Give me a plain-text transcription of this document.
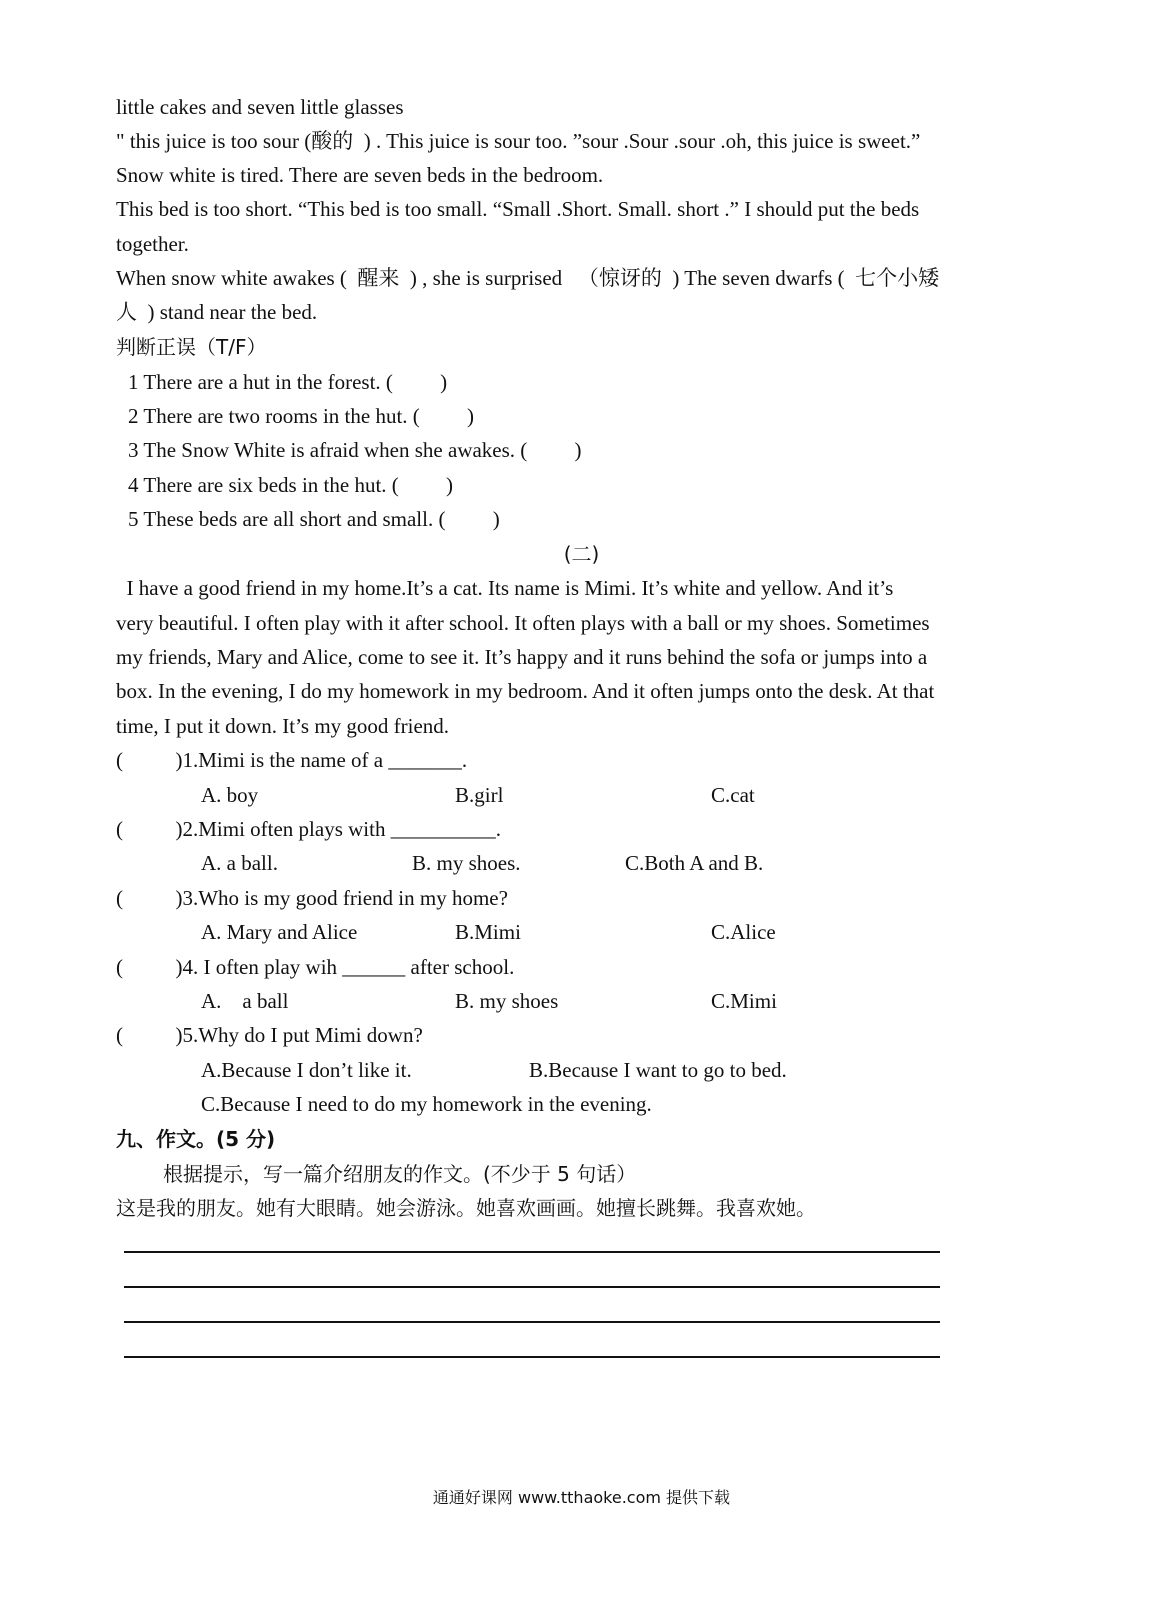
little cakes and seven little glasses
" this juice is too sour (酸的  ) . This juice is sour too. ”sour .Sour .sour .oh, this juice is sweet.”
Snow white is tired. There are seven beds in the bedroom.
This bed is too short. “This bed is too small. “Small .Short. Small. short .” I should put the beds
together.
When snow white awakes (  醒来  ) , she is surprised   （惊讶的  ) The seven dwarfs (  七个小矮
人  ) stand near the bed.
判断正误（T/F）
1 There are a hut in the forest. (         )
2 There are two rooms in the hut. (         )
3 The Snow White is afraid when she awakes. (         )
4 There are six beds in the hut. (         )
5 These beds are all short and small. (         )
(二)
I have a good friend in my home.It’s a cat. Its name is Mimi. It’s white and yellow. And it’s
very beautiful. I often play with it after school. It often plays with a ball or my shoes. Sometimes
my friends, Mary and Alice, come to see it. It’s happy and it runs behind the sofa or jumps into a
box. In the evening, I do my homework in my bedroom. And it often jumps onto the desk. At that
time, I put it down. It’s my good friend.
(          )1.Mimi is the name of a _______.
A. boy	B.girl	C.cat
(          )2.Mimi often plays with __________.
A. a ball.	B. my shoes.	C.Both A and B.
(          )3.Who is my good friend in my home?
A. Mary and Alice	B.Mimi	C.Alice
(          )4. I often play wih ______ after school.
A.    a ball	B. my shoes	C.Mimi
(          )5.Why do I put Mimi down?
A.Because I don’t like it.	B.Because I want to go to bed.
C.Because I need to do my homework in the evening.
九、作文。(5 分)
根据提示，写一篇介绍朋友的作文。(不少于 5 句话）
这是我的朋友。她有大眼睛。她会游泳。她喜欢画画。她擅长跳舞。我喜欢她。
通通好课网 www.tthaoke.com 提供下载
